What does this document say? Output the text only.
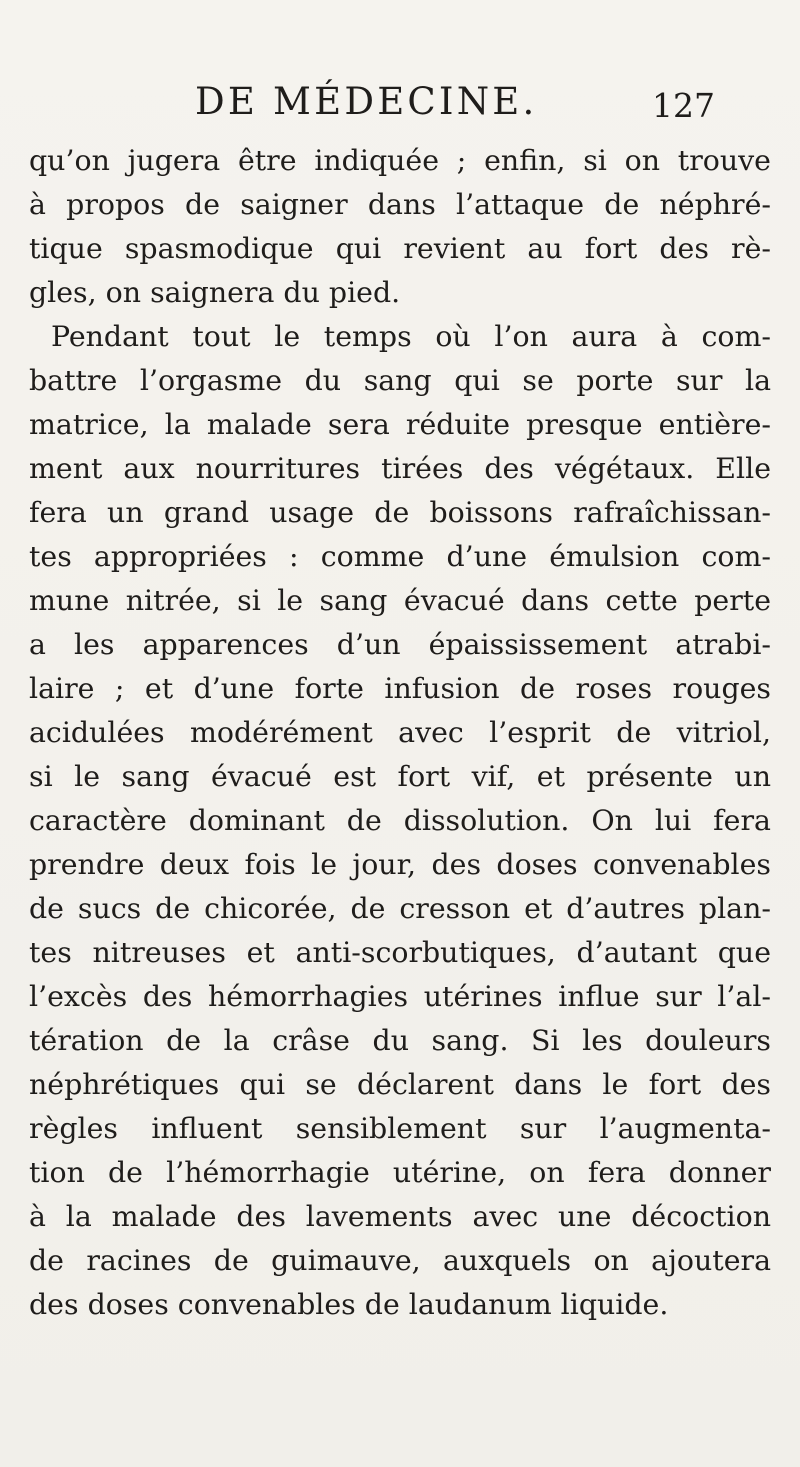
DE MÉDECINE.	127
qu’on jugera être indiquée ; enfin, si on trouve
à propos de saigner dans l’attaque de néphré-
tique spasmodique qui revient au fort des rè-
gles, on saignera du pied.
Pendant tout le temps où l’on aura à com-
battre l’orgasme du sang qui se porte sur la
matrice, la malade sera réduite presque entière-
ment aux nourritures tirées des végétaux. Elle
fera un grand usage de boissons rafraîchissan-
tes appropriées : comme d’une émulsion com-
mune nitrée, si le sang évacué dans cette perte
a les apparences d’un épaississement atrabi-
laire ; et d’une forte infusion de roses rouges
acidulées modérément avec l’esprit de vitriol,
si le sang évacué est fort vif, et présente un
caractère dominant de dissolution. On lui fera
prendre deux fois le jour, des doses convenables
de sucs de chicorée, de cresson et d’autres plan-
tes nitreuses et anti-scorbutiques, d’autant que
l’excès des hémorrhagies utérines influe sur l’al-
tération de la crâse du sang. Si les douleurs
néphrétiques qui se déclarent dans le fort des
règles influent sensiblement sur l’augmenta-
tion de l’hémorrhagie utérine, on fera donner
à la malade des lavements avec une décoction
de racines de guimauve, auxquels on ajoutera
des doses convenables de laudanum liquide.
